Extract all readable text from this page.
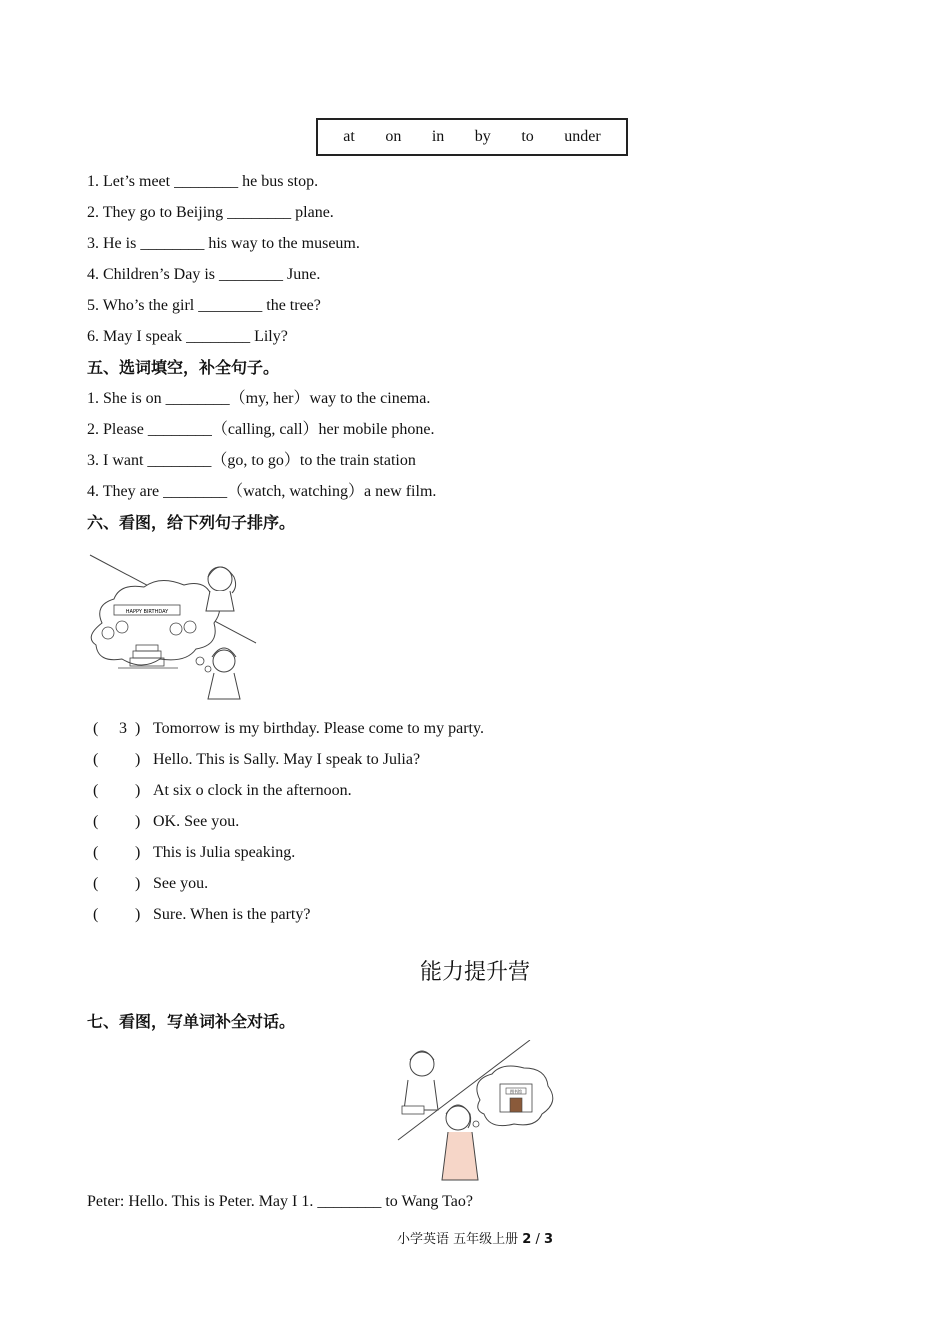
at on in by to under
1. Let’s meet ________ he bus stop.
2. They go to Beijing ________ plane.
3. He is ________ his way to the museum.
4. Children’s Day is ________ June.
5. Who’s the girl ________ the tree?
6. May I speak ________ Lily?
五、选词填空，补全句子。
1. She is on ________（my, her）way to the cinema.
2. Please ________（calling, call）her mobile phone.
3. I want ________（go, to go）to the train station
4. They are ________（watch, watching）a new film.
六、看图，给下列句子排序。
HAPPY BIRTHDAY
( 3 ) Tomorrow is my birthday. Please come to my party.
( ) Hello. This is Sally. May I speak to Julia?
( ) At six o clock in the afternoon.
( ) OK. See you.
( ) This is Julia speaking.
( ) See you.
( ) Sure. When is the party?
能力提升营
七、看图，写单词补全对话。
图书馆
Peter: Hello. This is Peter. May I 1. ________ to Wang Tao?
小学英语 五年级上册 2 / 3
